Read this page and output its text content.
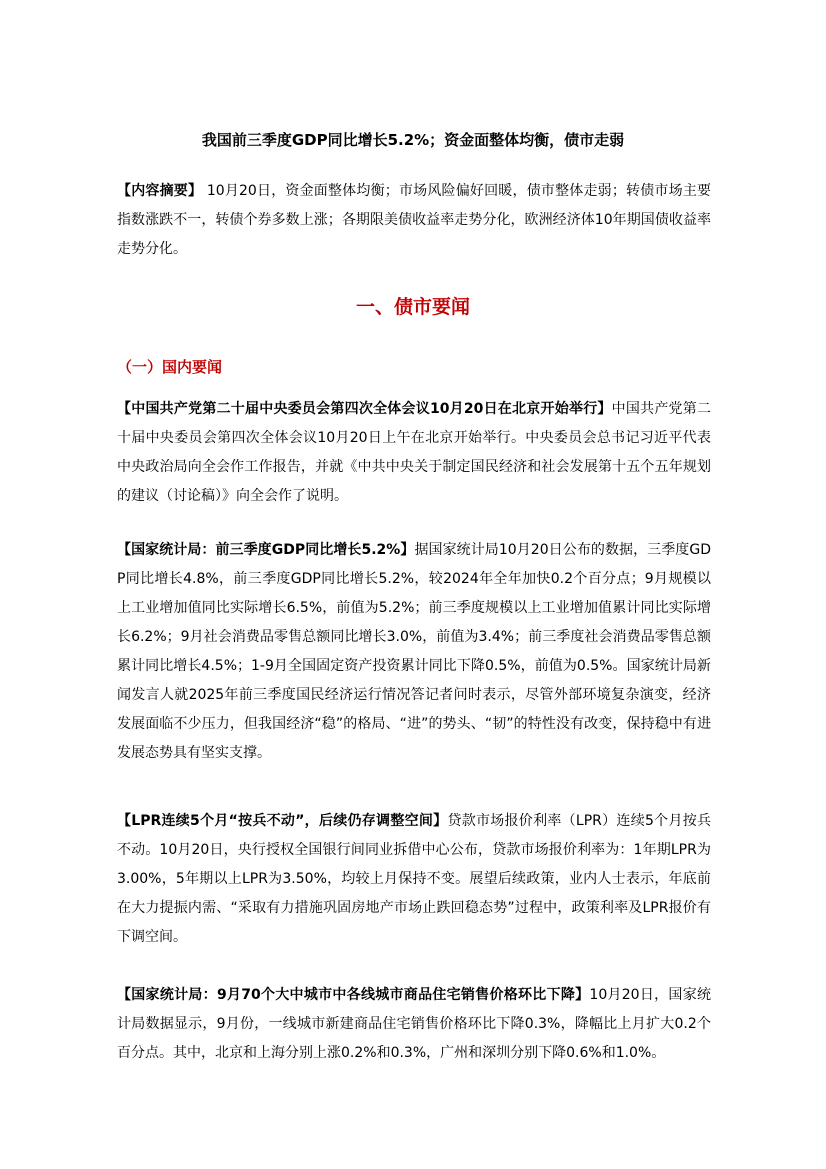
我国前三季度GDP同比增长5.2%；资金面整体均衡，债市走弱

【内容摘要】 10月20日，资金面整体均衡；市场风险偏好回暖，债市整体走弱；转债市场主要指数涨跌不一，转债个券多数上涨；各期限美债收益率走势分化，欧洲经济体10年期国债收益率走势分化。

一、债市要闻
（一）国内要闻

【中国共产党第二十届中央委员会第四次全体会议10月20日在北京开始举行】中国共产党第二十届中央委员会第四次全体会议10月20日上午在北京开始举行。中央委员会总书记习近平代表中央政治局向全会作工作报告，并就《中共中央关于制定国民经济和社会发展第十五个五年规划的建议（讨论稿）》向全会作了说明。

【国家统计局：前三季度GDP同比增长5.2%】据国家统计局10月20日公布的数据，三季度GDP同比增长4.8%，前三季度GDP同比增长5.2%，较2024年全年加快0.2个百分点；9月规模以上工业增加值同比实际增长6.5%，前值为5.2%；前三季度规模以上工业增加值累计同比实际增长6.2%；9月社会消费品零售总额同比增长3.0%，前值为3.4%；前三季度社会消费品零售总额累计同比增长4.5%；1-9月全国固定资产投资累计同比下降0.5%，前值为0.5%。国家统计局新闻发言人就2025年前三季度国民经济运行情况答记者问时表示，尽管外部环境复杂演变，经济发展面临不少压力，但我国经济“稳”的格局、“进”的势头、“韧”的特性没有改变，保持稳中有进发展态势具有坚实支撑。

【LPR连续5个月“按兵不动”，后续仍存调整空间】贷款市场报价利率（LPR）连续5个月按兵不动。10月20日，央行授权全国银行间同业拆借中心公布，贷款市场报价利率为：1年期LPR为3.00%，5年期以上LPR为3.50%，均较上月保持不变。展望后续政策，业内人士表示，年底前在大力提振内需、“采取有力措施巩固房地产市场止跌回稳态势”过程中，政策利率及LPR报价有下调空间。

【国家统计局：9月70个大中城市中各线城市商品住宅销售价格环比下降】10月20日，国家统计局数据显示，9月份，一线城市新建商品住宅销售价格环比下降0.3%，降幅比上月扩大0.2个百分点。其中，北京和上海分别上涨0.2%和0.3%，广州和深圳分别下降0.6%和1.0%。
